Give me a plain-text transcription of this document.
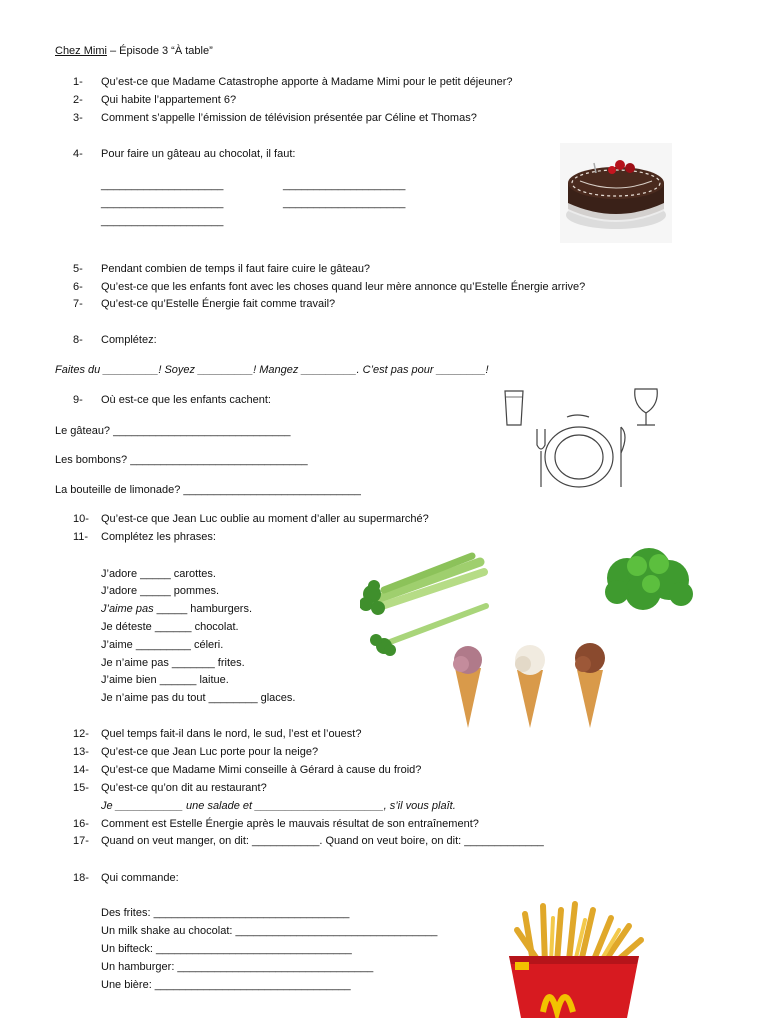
Chez Mimi – Épisode 3 “À table”
1- Qu’est-ce que Madame Catastrophe apporte à Madame Mimi pour le petit déjeuner?
2- Qui habite l’appartement 6?
3- Comment s’appelle l’émission de télévision présentée par Céline et Thomas?
4- Pour faire un gâteau au chocolat, il faut:
____________________	____________________
____________________	____________________
____________________
5- Pendant combien de temps il faut faire cuire le gâteau?
6- Qu’est-ce que les enfants font avec les choses quand leur mère annonce qu’Estelle Énergie arrive?
7- Qu’est-ce qu’Estelle Énergie fait comme travail?
8- Complétez:
Faites du _________! Soyez _________! Mangez _________. C’est pas pour ________!
9- Où est-ce que les enfants cachent:
Le gâteau? _____________________________
Les bombons? _____________________________
La bouteille de limonade? _____________________________
10- Qu’est-ce que Jean Luc oublie au moment d’aller au supermarché?
11- Complétez les phrases:
J’adore _____ carottes.
J’adore _____ pommes.
J’aime pas _____ hamburgers.
Je déteste ______ chocolat.
J’aime _________ céleri.
Je n’aime pas _______ frites.
J’aime bien ______ laitue.
Je n’aime pas du tout ________ glaces.
12- Quel temps fait-il dans le nord, le sud, l’est et l’ouest?
13- Qu’est-ce que Jean Luc porte pour la neige?
14- Qu’est-ce que Madame Mimi conseille à Gérard à cause du froid?
15- Qu’est-ce qu’on dit au restaurant?
Je ___________ une salade et _____________________, s’il vous plaît.
16- Comment est Estelle Énergie après le mauvais résultat de son entraînement?
17- Quand on veut manger, on dit: ___________. Quand on veut boire, on dit: _____________
18- Qui commande:
Des frites: ________________________________
Un milk shake au chocolat: _________________________________
Un bifteck: ________________________________
Un hamburger: ________________________________
Une bière: ________________________________
